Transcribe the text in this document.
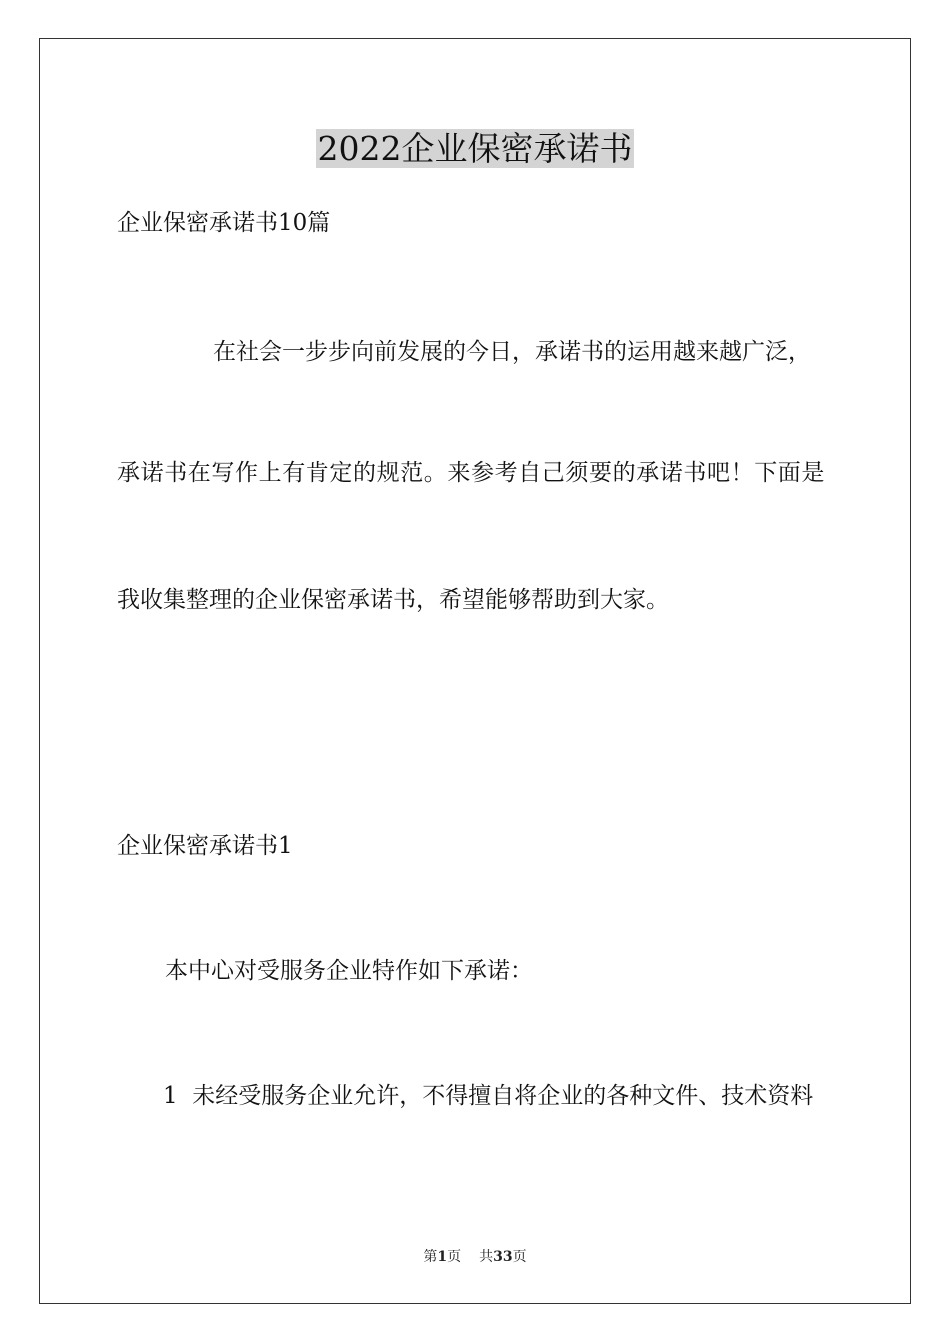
2022企业保密承诺书

企业保密承诺书10篇

在社会一步步向前发展的今日，承诺书的运用越来越广泛，

承诺书在写作上有肯定的规范。来参考自己须要的承诺书吧！下面是

我收集整理的企业保密承诺书，希望能够帮助到大家。

企业保密承诺书1

本中心对受服务企业特作如下承诺：

1  未经受服务企业允许，不得擅自将企业的各种文件、技术资料

第1页 共33页
